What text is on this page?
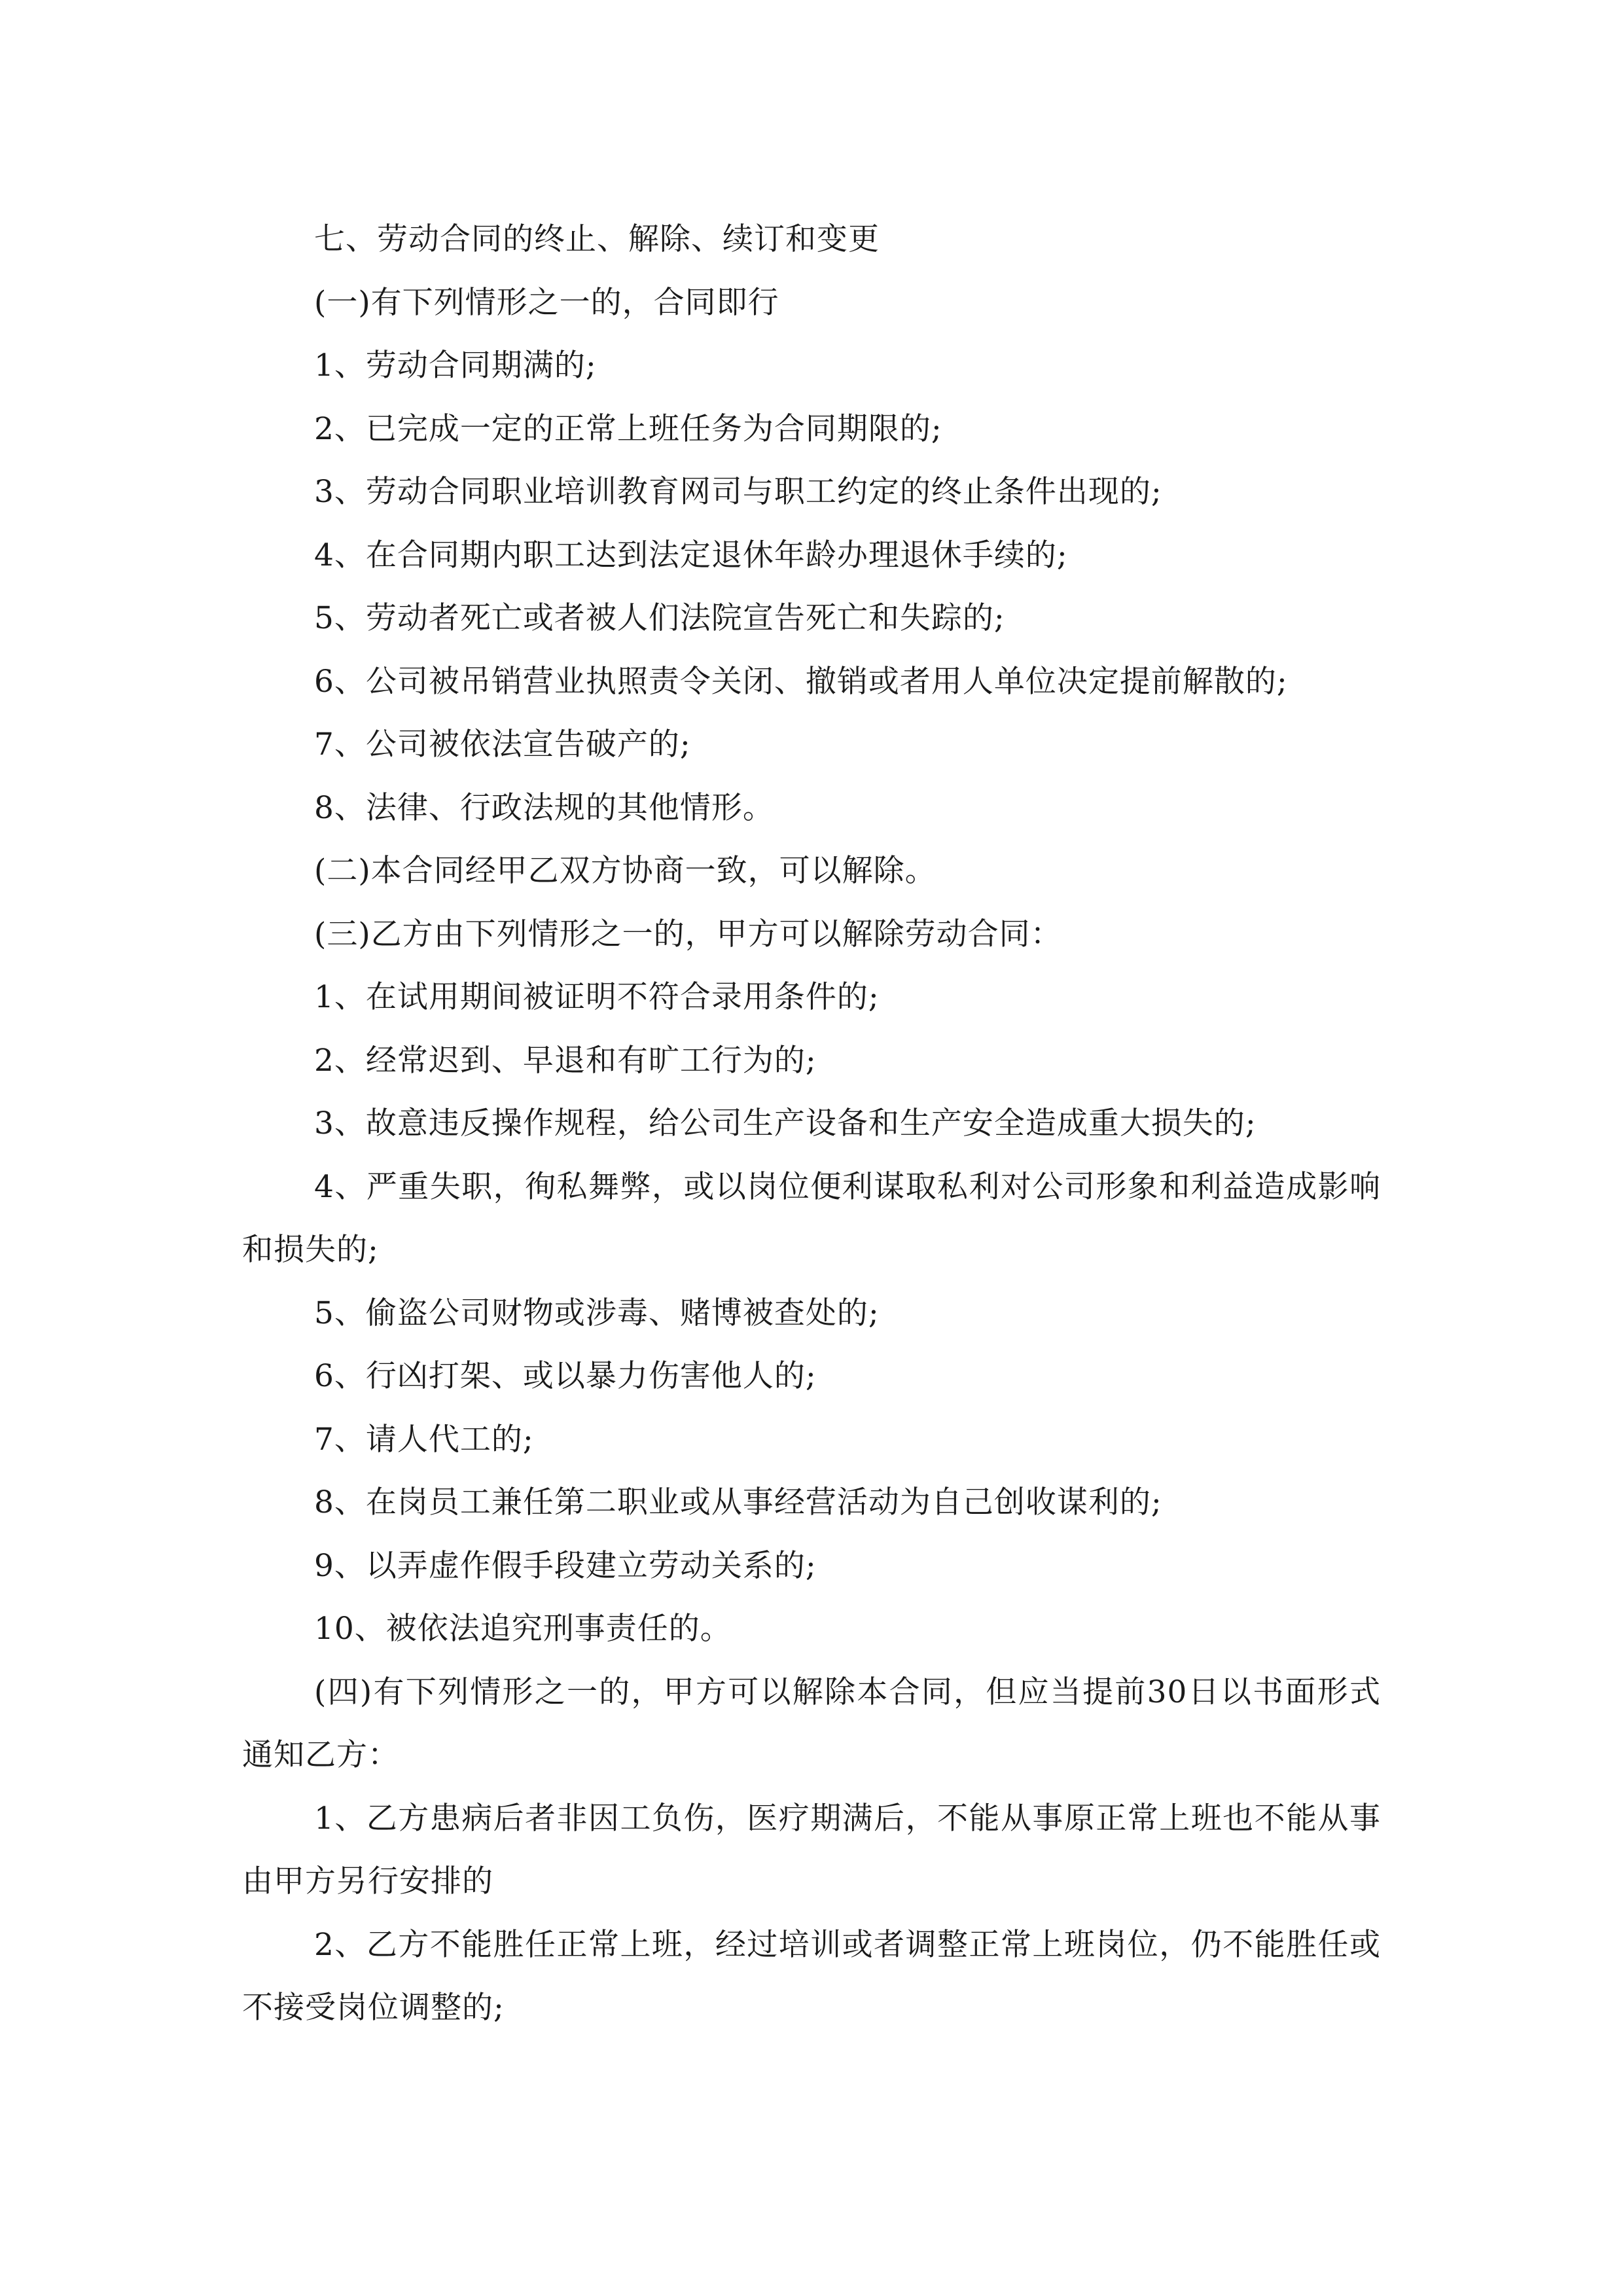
七、劳动合同的终止、解除、续订和变更

(一)有下列情形之一的，合同即行

1、劳动合同期满的;

2、已完成一定的正常上班任务为合同期限的;

3、劳动合同职业培训教育网司与职工约定的终止条件出现的;

4、在合同期内职工达到法定退休年龄办理退休手续的;

5、劳动者死亡或者被人们法院宣告死亡和失踪的;

6、公司被吊销营业执照责令关闭、撤销或者用人单位决定提前解散的;

7、公司被依法宣告破产的;

8、法律、行政法规的其他情形。

(二)本合同经甲乙双方协商一致，可以解除。

(三)乙方由下列情形之一的，甲方可以解除劳动合同：

1、在试用期间被证明不符合录用条件的;

2、经常迟到、早退和有旷工行为的;

3、故意违反操作规程，给公司生产设备和生产安全造成重大损失的;

4、严重失职，徇私舞弊，或以岗位便利谋取私利对公司形象和利益造成影响和损失的;

5、偷盗公司财物或涉毒、赌博被查处的;

6、行凶打架、或以暴力伤害他人的;

7、请人代工的;

8、在岗员工兼任第二职业或从事经营活动为自己创收谋利的;

9、以弄虚作假手段建立劳动关系的;

10、被依法追究刑事责任的。

(四)有下列情形之一的，甲方可以解除本合同，但应当提前30日以书面形式通知乙方：

1、乙方患病后者非因工负伤，医疗期满后，不能从事原正常上班也不能从事由甲方另行安排的

2、乙方不能胜任正常上班，经过培训或者调整正常上班岗位，仍不能胜任或不接受岗位调整的;
